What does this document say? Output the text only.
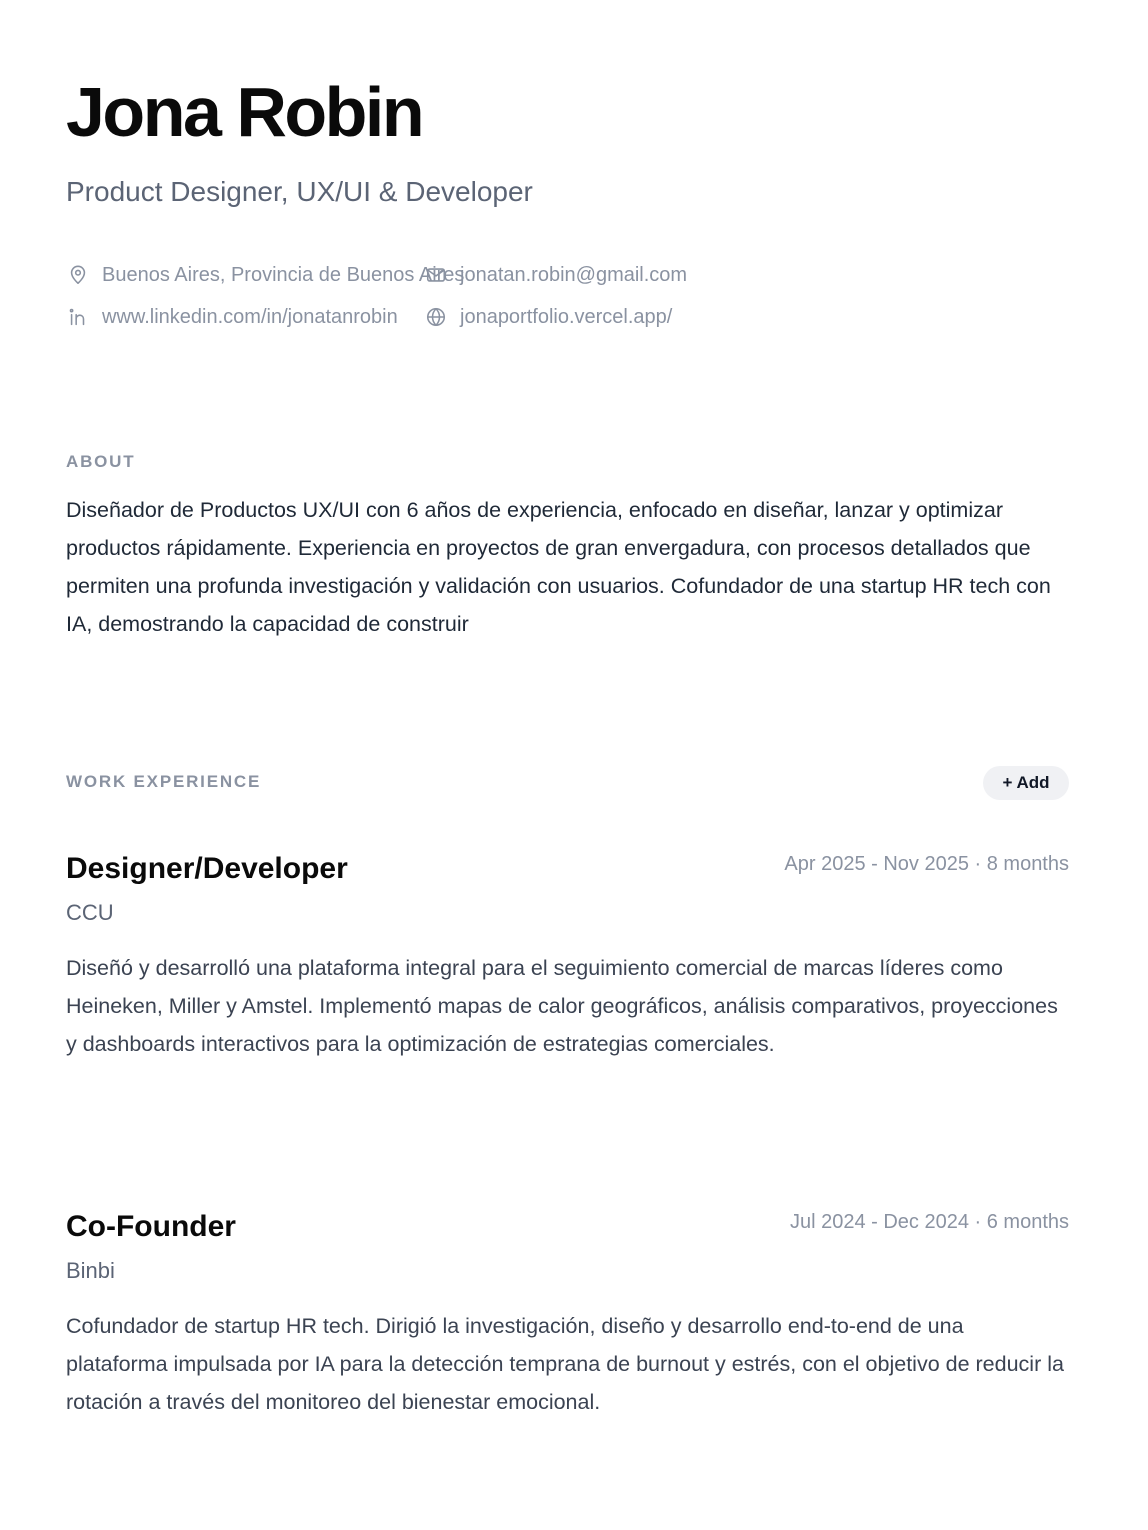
Jona Robin
Product Designer, UX/UI & Developer
Buenos Aires, Provincia de Buenos Aires
jonatan.robin@gmail.com
www.linkedin.com/in/jonatanrobin	jonaportfolio.vercel.app/
ABOUT
Diseñador de Productos UX/UI con 6 años de experiencia, enfocado en diseñar, lanzar y optimizar productos rápidamente. Experiencia en proyectos de gran envergadura, con procesos detallados que permiten una profunda investigación y validación con usuarios. Cofundador de una startup HR tech con IA, demostrando la capacidad de construir
WORK EXPERIENCE	+ Add
Designer/Developer	Apr 2025 - Nov 2025 · 8 months
CCU
Diseñó y desarrolló una plataforma integral para el seguimiento comercial de marcas líderes como Heineken, Miller y Amstel. Implementó mapas de calor geográficos, análisis comparativos, proyecciones y dashboards interactivos para la optimización de estrategias comerciales.
Co-Founder	Jul 2024 - Dec 2024 · 6 months
Binbi
Cofundador de startup HR tech. Dirigió la investigación, diseño y desarrollo end-to-end de una plataforma impulsada por IA para la detección temprana de burnout y estrés, con el objetivo de reducir la rotación a través del monitoreo del bienestar emocional.
